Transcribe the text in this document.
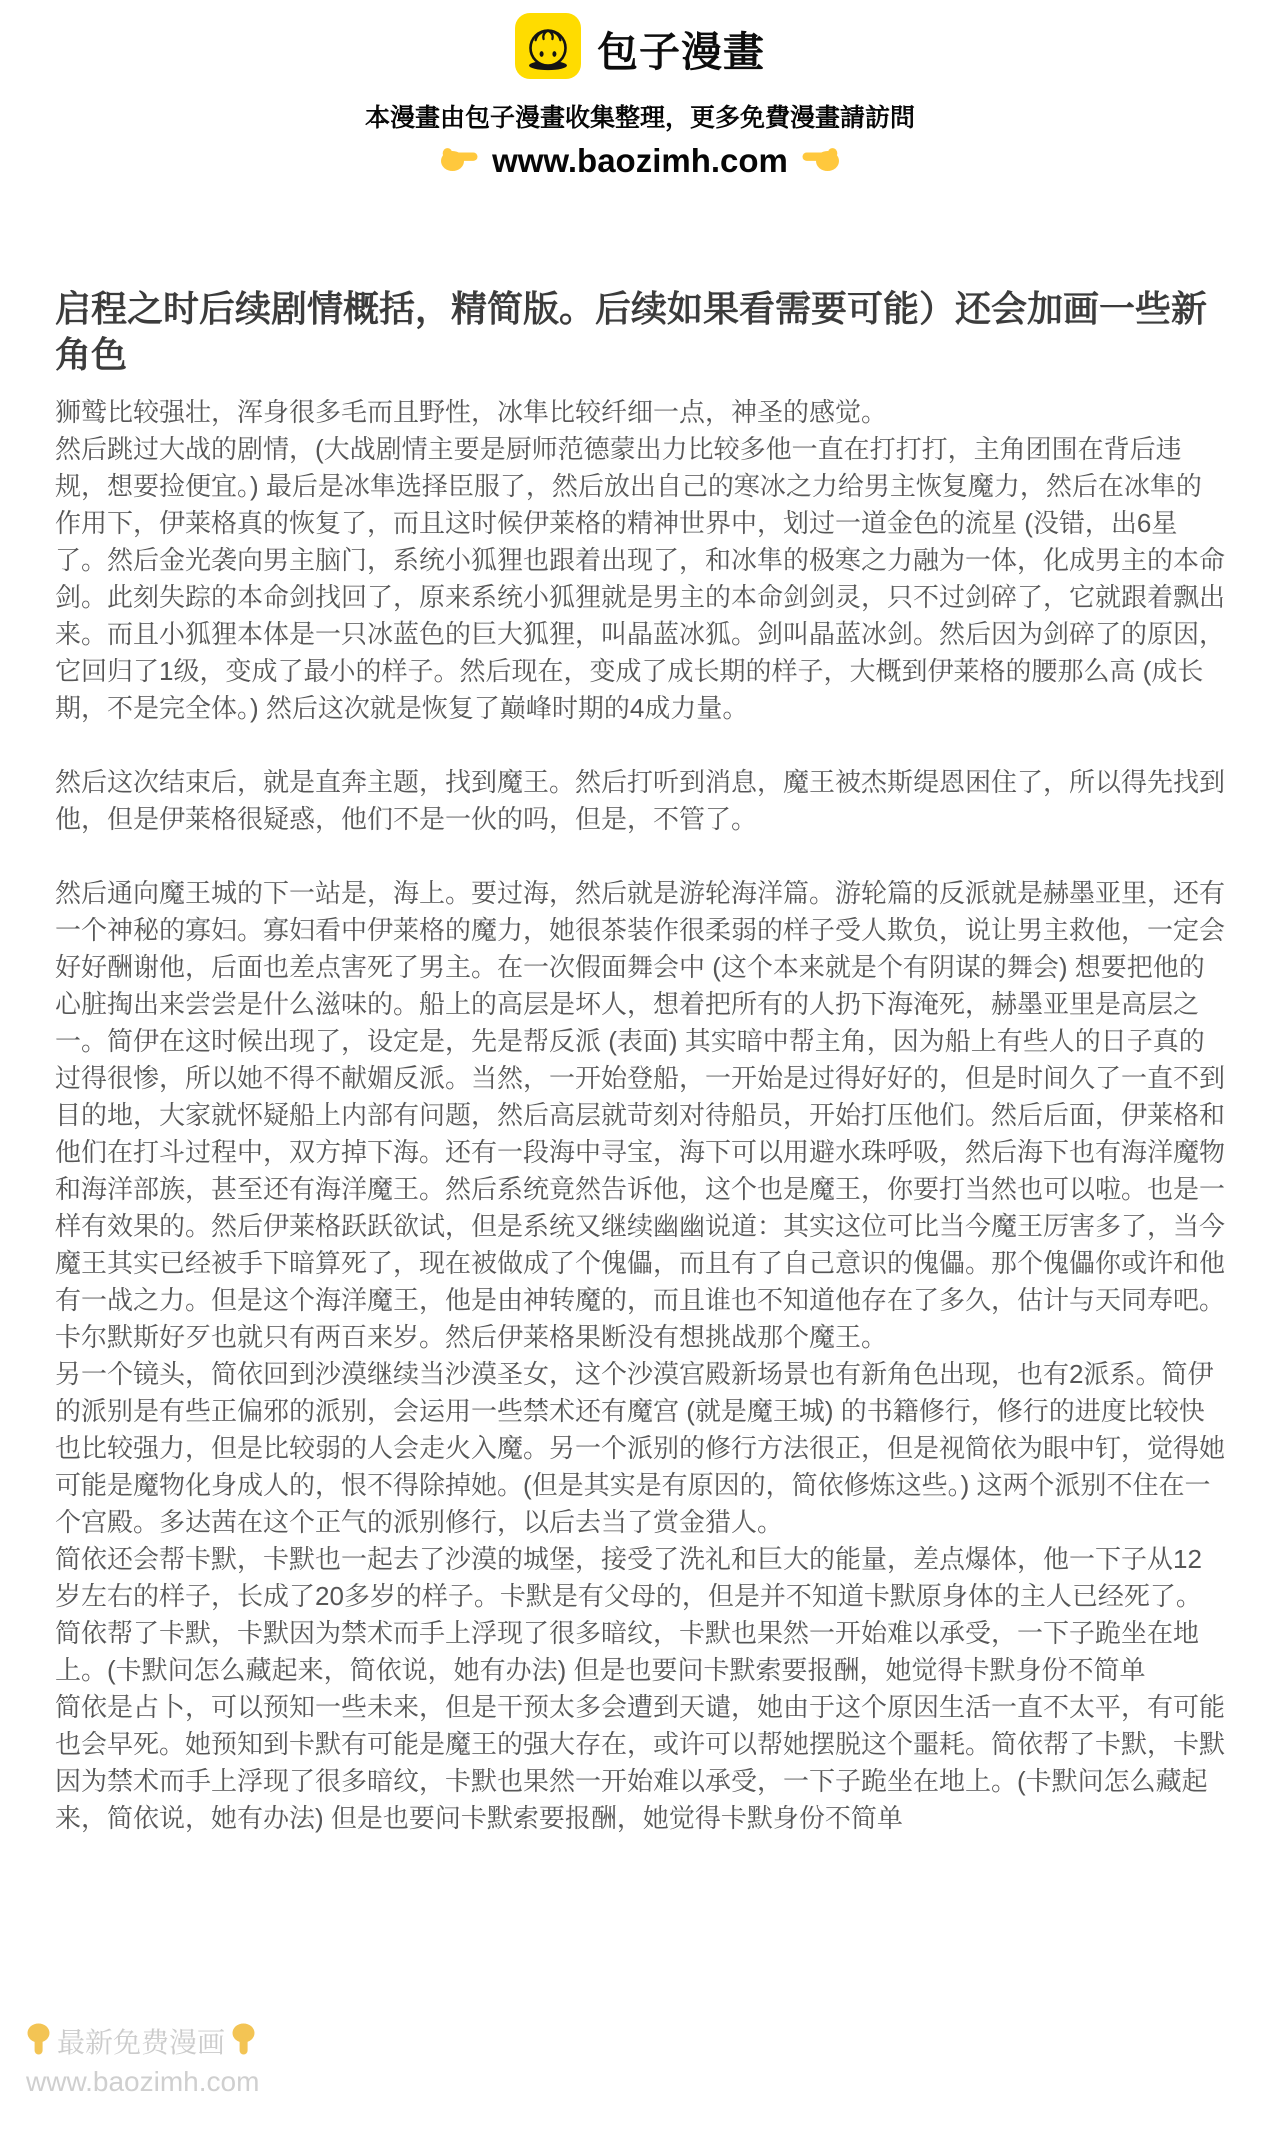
包子漫畫
本漫畫由包子漫畫收集整理，更多免費漫畫請訪問
www.baozimh.com
启程之时后续剧情概括，精简版。后续如果看需要可能）还会加画一些新角色

狮鹫比较强壮，浑身很多毛而且野性，冰隼比较纤细一点，神圣的感觉。

然后跳过大战的剧情，(大战剧情主要是厨师范德蒙出力比较多他一直在打打打，主角团围在背后违规，想要捡便宜。) 最后是冰隼选择臣服了，然后放出自己的寒冰之力给男主恢复魔力，然后在冰隼的作用下，伊莱格真的恢复了，而且这时候伊莱格的精神世界中，划过一道金色的流星 (没错，出6星了。然后金光袭向男主脑门，系统小狐狸也跟着出现了，和冰隼的极寒之力融为一体，化成男主的本命剑。此刻失踪的本命剑找回了，原来系统小狐狸就是男主的本命剑剑灵，只不过剑碎了，它就跟着飘出来。而且小狐狸本体是一只冰蓝色的巨大狐狸，叫晶蓝冰狐。剑叫晶蓝冰剑。然后因为剑碎了的原因，它回归了1级，变成了最小的样子。然后现在，变成了成长期的样子，大概到伊莱格的腰那么高 (成长期，不是完全体。) 然后这次就是恢复了巅峰时期的4成力量。

然后这次结束后，就是直奔主题，找到魔王。然后打听到消息，魔王被杰斯缇恩困住了，所以得先找到他，但是伊莱格很疑惑，他们不是一伙的吗，但是，不管了。

然后通向魔王城的下一站是，海上。要过海，然后就是游轮海洋篇。游轮篇的反派就是赫墨亚里，还有一个神秘的寡妇。寡妇看中伊莱格的魔力，她很茶装作很柔弱的样子受人欺负，说让男主救他，一定会好好酬谢他，后面也差点害死了男主。在一次假面舞会中 (这个本来就是个有阴谋的舞会) 想要把他的心脏掏出来尝尝是什么滋味的。船上的高层是坏人，想着把所有的人扔下海淹死，赫墨亚里是高层之一。简伊在这时候出现了，设定是，先是帮反派 (表面) 其实暗中帮主角，因为船上有些人的日子真的过得很惨，所以她不得不献媚反派。当然，一开始登船，一开始是过得好好的，但是时间久了一直不到目的地，大家就怀疑船上内部有问题，然后高层就苛刻对待船员，开始打压他们。然后后面，伊莱格和他们在打斗过程中，双方掉下海。还有一段海中寻宝，海下可以用避水珠呼吸，然后海下也有海洋魔物和海洋部族，甚至还有海洋魔王。然后系统竟然告诉他，这个也是魔王，你要打当然也可以啦。也是一样有效果的。然后伊莱格跃跃欲试，但是系统又继续幽幽说道：其实这位可比当今魔王厉害多了，当今魔王其实已经被手下暗算死了，现在被做成了个傀儡，而且有了自己意识的傀儡。那个傀儡你或许和他有一战之力。但是这个海洋魔王，他是由神转魔的，而且谁也不知道他存在了多久，估计与天同寿吧。卡尔默斯好歹也就只有两百来岁。然后伊莱格果断没有想挑战那个魔王。

另一个镜头，简依回到沙漠继续当沙漠圣女，这个沙漠宫殿新场景也有新角色出现，也有2派系。简伊的派别是有些正偏邪的派别，会运用一些禁术还有魔宫 (就是魔王城) 的书籍修行，修行的进度比较快也比较强力，但是比较弱的人会走火入魔。另一个派别的修行方法很正，但是视简依为眼中钉，觉得她可能是魔物化身成人的，恨不得除掉她。(但是其实是有原因的，简依修炼这些。) 这两个派别不住在一个宫殿。多达茜在这个正气的派别修行，以后去当了赏金猎人。

简依还会帮卡默，卡默也一起去了沙漠的城堡，接受了洗礼和巨大的能量，差点爆体，他一下子从12岁左右的样子，长成了20多岁的样子。卡默是有父母的，但是并不知道卡默原身体的主人已经死了。简依帮了卡默，卡默因为禁术而手上浮现了很多暗纹，卡默也果然一开始难以承受，一下子跪坐在地上。(卡默问怎么藏起来，简依说，她有办法) 但是也要问卡默索要报酬，她觉得卡默身份不简单

简依是占卜，可以预知一些未来，但是干预太多会遭到天谴，她由于这个原因生活一直不太平，有可能也会早死。她预知到卡默有可能是魔王的强大存在，或许可以帮她摆脱这个噩耗。简依帮了卡默，卡默因为禁术而手上浮现了很多暗纹，卡默也果然一开始难以承受，一下子跪坐在地上。(卡默问怎么藏起来，简依说，她有办法) 但是也要问卡默索要报酬，她觉得卡默身份不简单

最新免费漫画
www.baozimh.com
